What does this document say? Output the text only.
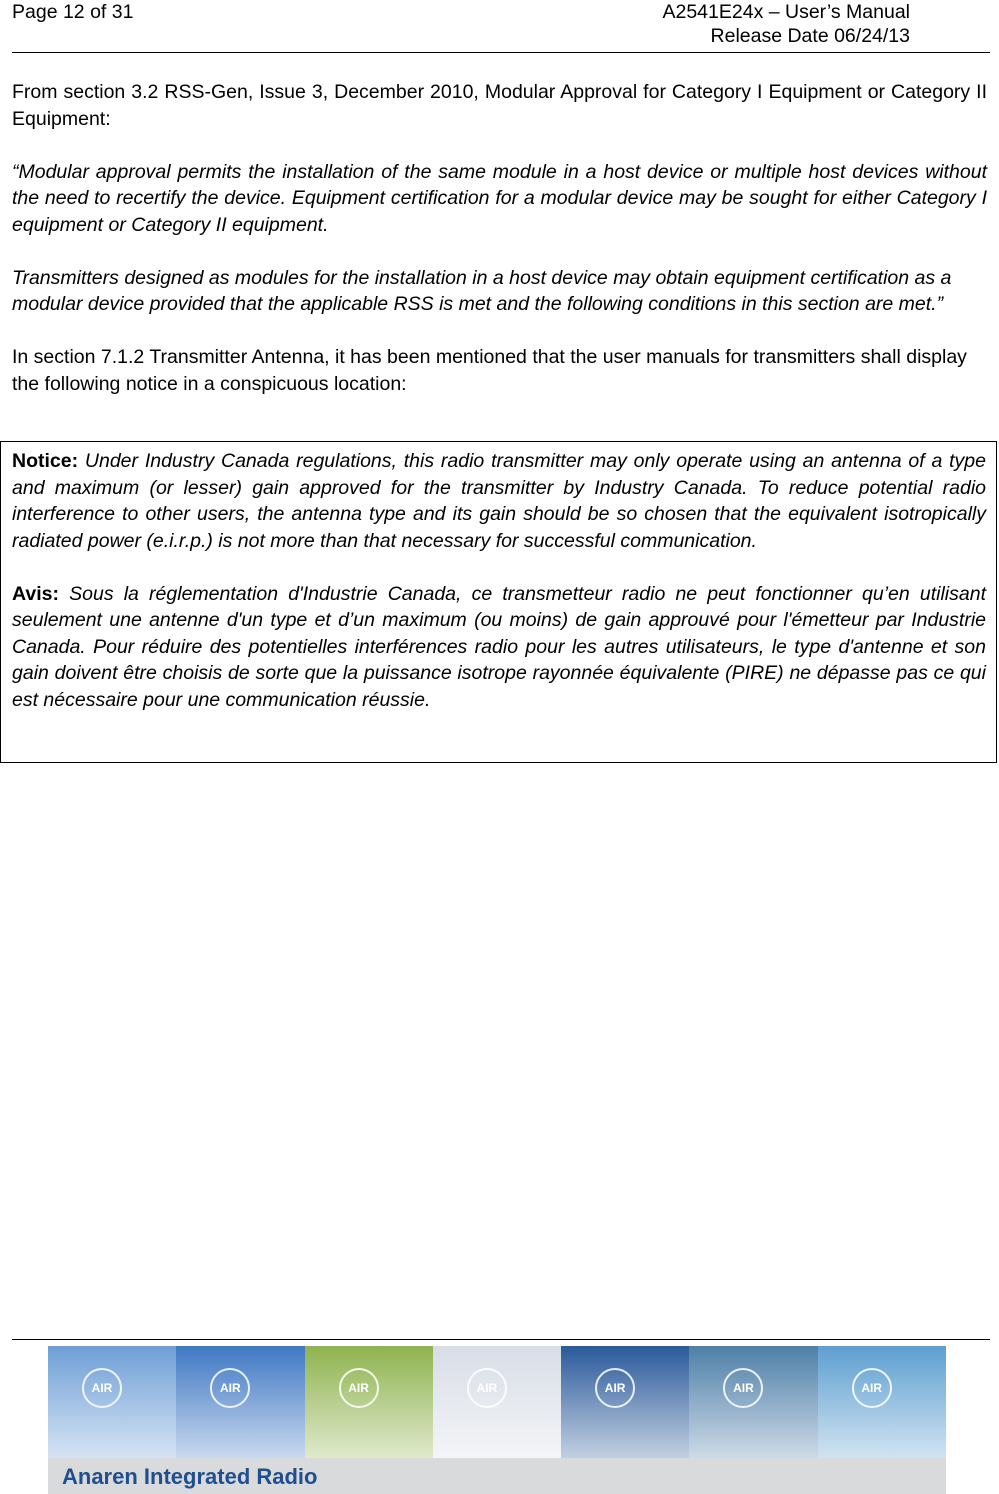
Page 12 of 31	A2541E24x – User’s Manual
Release Date 06/24/13

From section 3.2 RSS-Gen, Issue 3, December 2010, Modular Approval for Category I Equipment or Category II Equipment:

“Modular approval permits the installation of the same module in a host device or multiple host devices without the need to recertify the device. Equipment certification for a modular device may be sought for either Category I equipment or Category II equipment.

Transmitters designed as modules for the installation in a host device may obtain equipment certification as a modular device provided that the applicable RSS is met and the following conditions in this section are met.”

In section 7.1.2 Transmitter Antenna, it has been mentioned that the user manuals for transmitters shall display the following notice in a conspicuous location:

Notice: Under Industry Canada regulations, this radio transmitter may only operate using an antenna of a type and maximum (or lesser) gain approved for the transmitter by Industry Canada. To reduce potential radio interference to other users, the antenna type and its gain should be so chosen that the equivalent isotropically radiated power (e.i.r.p.) is not more than that necessary for successful communication.

Avis: Sous la réglementation d'Industrie Canada, ce transmetteur radio ne peut fonctionner qu’en utilisant seulement une antenne d'un type et d’un maximum (ou moins) de gain approuvé pour l'émetteur par Industrie Canada. Pour réduire des potentielles interférences radio pour les autres utilisateurs, le type d'antenne et son gain doivent être choisis de sorte que la puissance isotrope rayonnée équivalente (PIRE) ne dépasse pas ce qui est nécessaire pour une communication réussie.

AIR	AIR	AIR	AIR	AIR	AIR	AIR
Anaren Integrated Radio
